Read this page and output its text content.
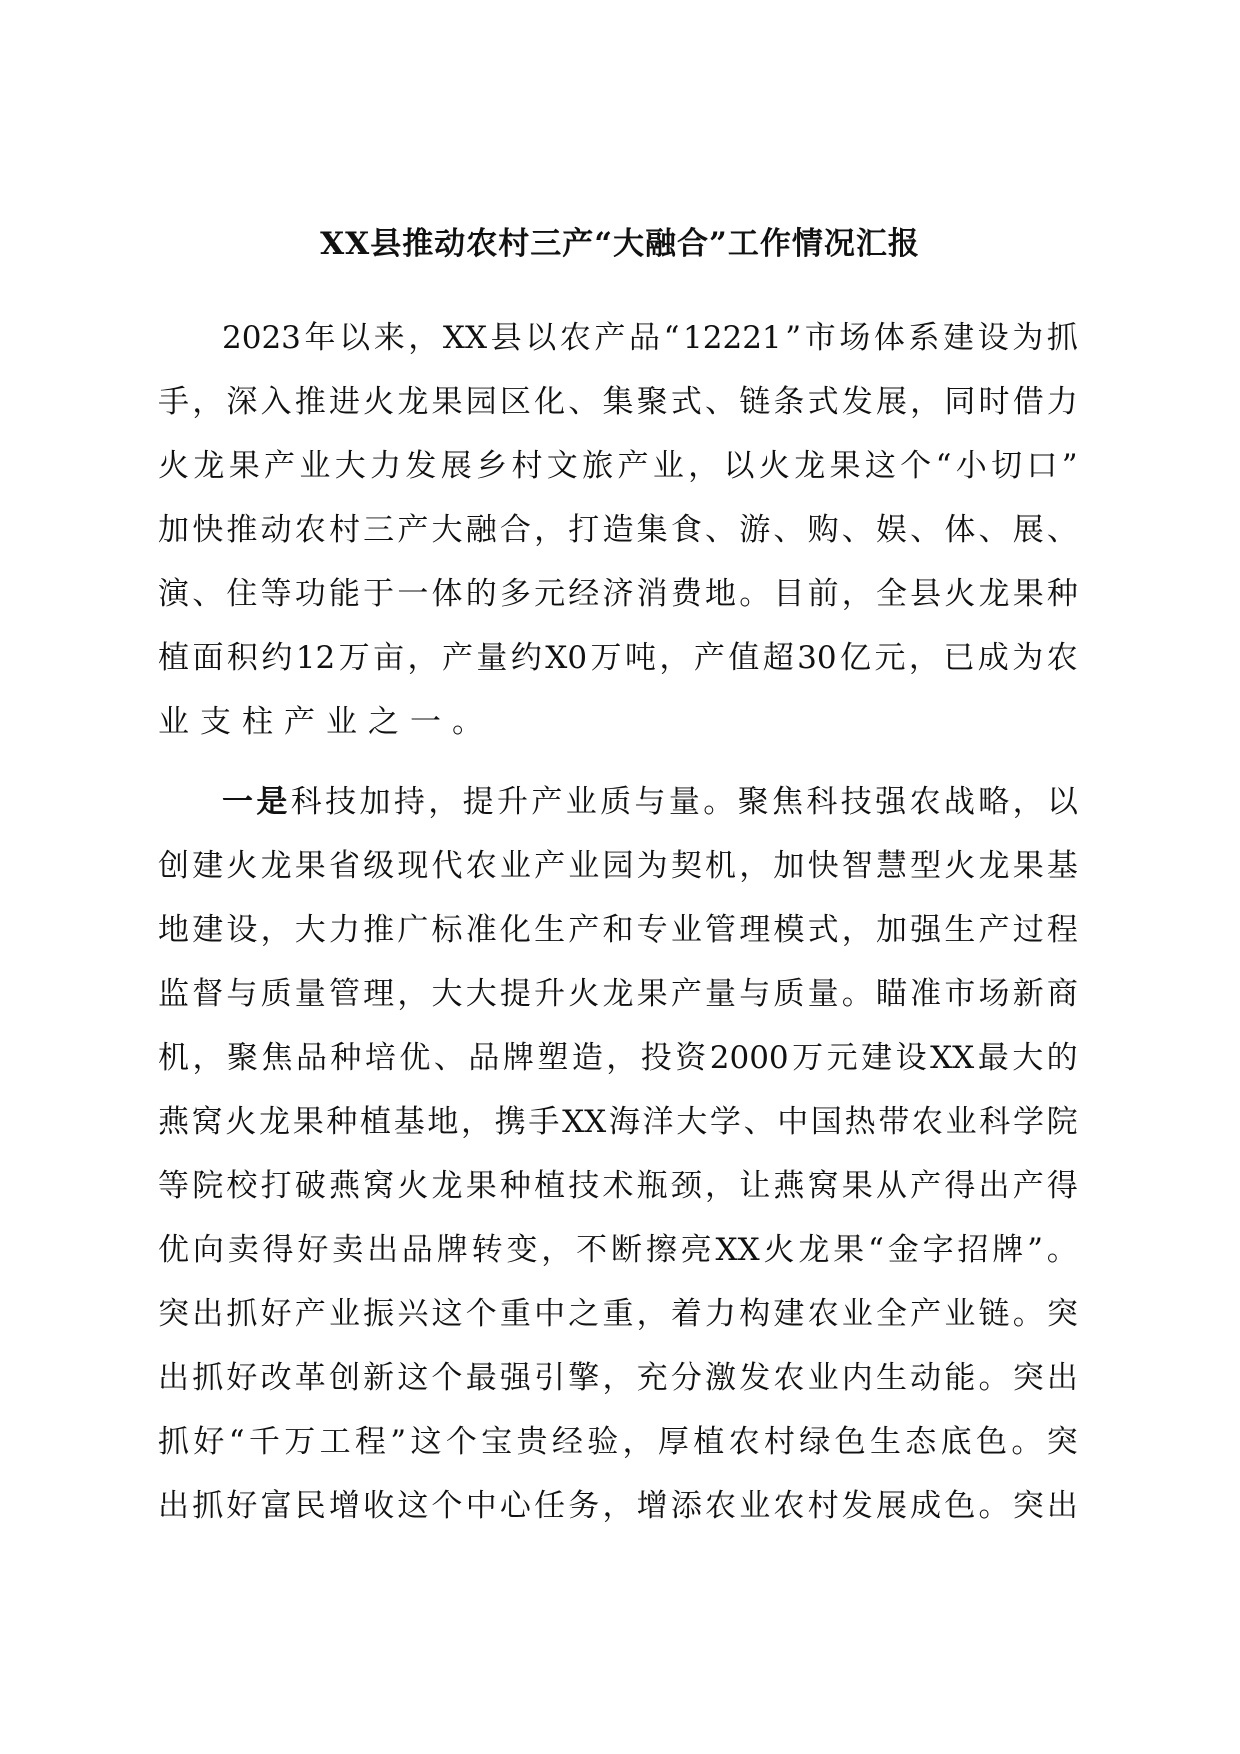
XX县推动农村三产“大融合”工作情况汇报
2023 年 以 来 ， XX 县 以 农 产 品 “ 12221 ” 市 场 体 系 建 设 为 抓
手 ， 深 入 推 进 火 龙 果 园 区 化 、 集 聚 式 、 链 条 式 发 展 ， 同 时 借 力
火 龙 果 产 业 大 力 发 展 乡 村 文 旅 产 业 ， 以 火 龙 果 这 个 “ 小 切 口 ”
加 快 推 动 农 村 三 产 大 融 合 ， 打 造 集 食 、 游 、 购 、 娱 、 体 、 展 、
演 、 住 等 功 能 于 一 体 的 多 元 经 济 消 费 地 。 目 前 ， 全 县 火 龙 果 种
植 面 积 约 12 万 亩 ， 产 量 约 X0 万 吨 ， 产 值 超 30 亿 元 ， 已 成 为 农
业支柱产业之一。
一 是 科 技 加 持 ， 提 升 产 业 质 与 量 。 聚 焦 科 技 强 农 战 略 ， 以
创 建 火 龙 果 省 级 现 代 农 业 产 业 园 为 契 机 ， 加 快 智 慧 型 火 龙 果 基
地 建 设 ， 大 力 推 广 标 准 化 生 产 和 专 业 管 理 模 式 ， 加 强 生 产 过 程
监 督 与 质 量 管 理 ， 大 大 提 升 火 龙 果 产 量 与 质 量 。 瞄 准 市 场 新 商
机 ， 聚 焦 品 种 培 优 、 品 牌 塑 造 ， 投 资 2000 万 元 建 设 XX 最 大 的
燕 窝 火 龙 果 种 植 基 地 ， 携 手 XX 海 洋 大 学 、 中 国 热 带 农 业 科 学 院
等 院 校 打 破 燕 窝 火 龙 果 种 植 技 术 瓶 颈 ， 让 燕 窝 果 从 产 得 出 产 得
优 向 卖 得 好 卖 出 品 牌 转 变 ， 不 断 擦 亮 XX 火 龙 果 “ 金 字 招 牌 ” 。
突 出 抓 好 产 业 振 兴 这 个 重 中 之 重 ， 着 力 构 建 农 业 全 产 业 链 。 突
出 抓 好 改 革 创 新 这 个 最 强 引 擎 ， 充 分 激 发 农 业 内 生 动 能 。 突 出
抓 好 “ 千 万 工 程 ” 这 个 宝 贵 经 验 ， 厚 植 农 村 绿 色 生 态 底 色 。 突
出 抓 好 富 民 增 收 这 个 中 心 任 务 ， 增 添 农 业 农 村 发 展 成 色 。 突 出
